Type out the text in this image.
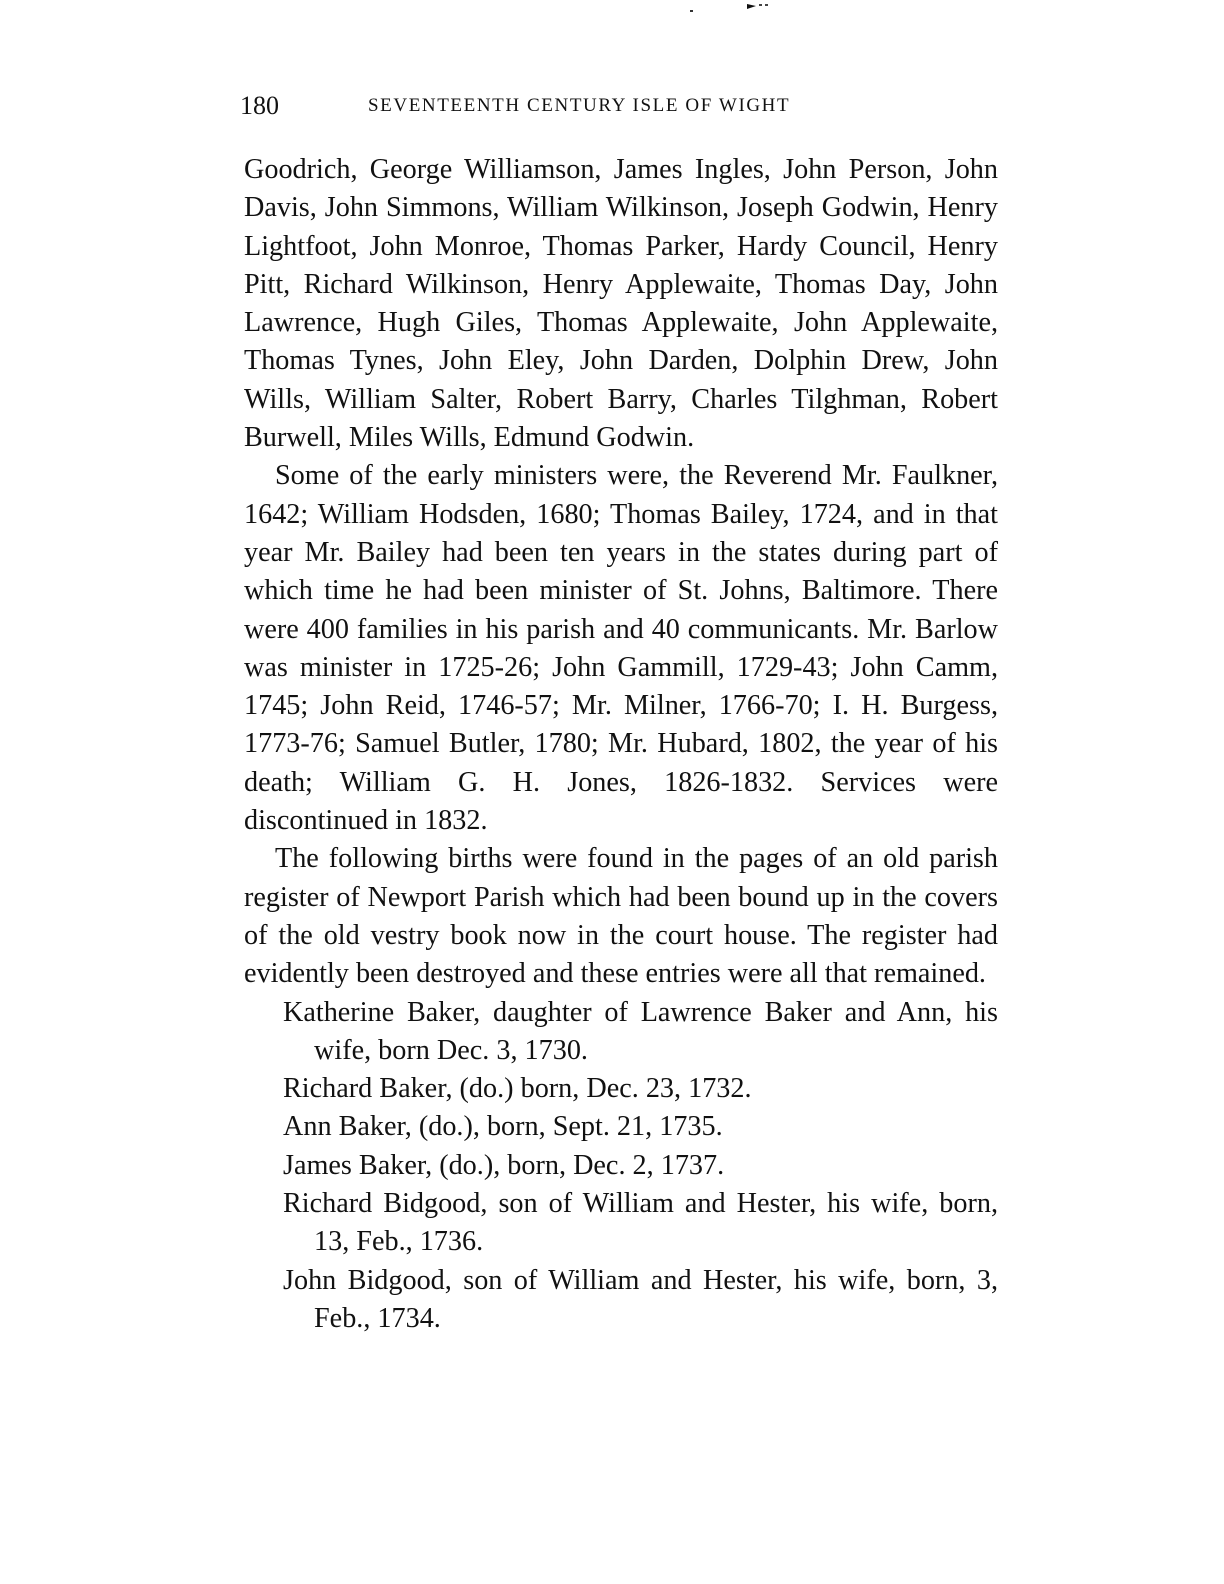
180	SEVENTEENTH CENTURY ISLE OF WIGHT

Goodrich, George Williamson, James Ingles, John Person, John Davis, John Simmons, William Wilkinson, Joseph Godwin, Henry Lightfoot, John Monroe, Thomas Parker, Hardy Council, Henry Pitt, Richard Wilkinson, Henry Applewaite, Thomas Day, John Lawrence, Hugh Giles, Thomas Applewaite, John Applewaite, Thomas Tynes, John Eley, John Darden, Dolphin Drew, John Wills, William Salter, Robert Barry, Charles Tilghman, Robert Burwell, Miles Wills, Edmund Godwin.

Some of the early ministers were, the Reverend Mr. Faulkner, 1642; William Hodsden, 1680; Thomas Bailey, 1724, and in that year Mr. Bailey had been ten years in the states during part of which time he had been minister of St. Johns, Baltimore. There were 400 families in his parish and 40 communicants. Mr. Barlow was minister in 1725-26; John Gammill, 1729-43; John Camm, 1745; John Reid, 1746-57; Mr. Milner, 1766-70; I. H. Burgess, 1773-76; Samuel Butler, 1780; Mr. Hubard, 1802, the year of his death; William G. H. Jones, 1826-1832. Services were discontinued in 1832.

The following births were found in the pages of an old parish register of Newport Parish which had been bound up in the covers of the old vestry book now in the court house. The register had evidently been destroyed and these entries were all that remained.

Katherine Baker, daughter of Lawrence Baker and Ann, his wife, born Dec. 3, 1730.
Richard Baker, (do.) born, Dec. 23, 1732.
Ann Baker, (do.), born, Sept. 21, 1735.
James Baker, (do.), born, Dec. 2, 1737.
Richard Bidgood, son of William and Hester, his wife, born, 13, Feb., 1736.
John Bidgood, son of William and Hester, his wife, born, 3, Feb., 1734.
